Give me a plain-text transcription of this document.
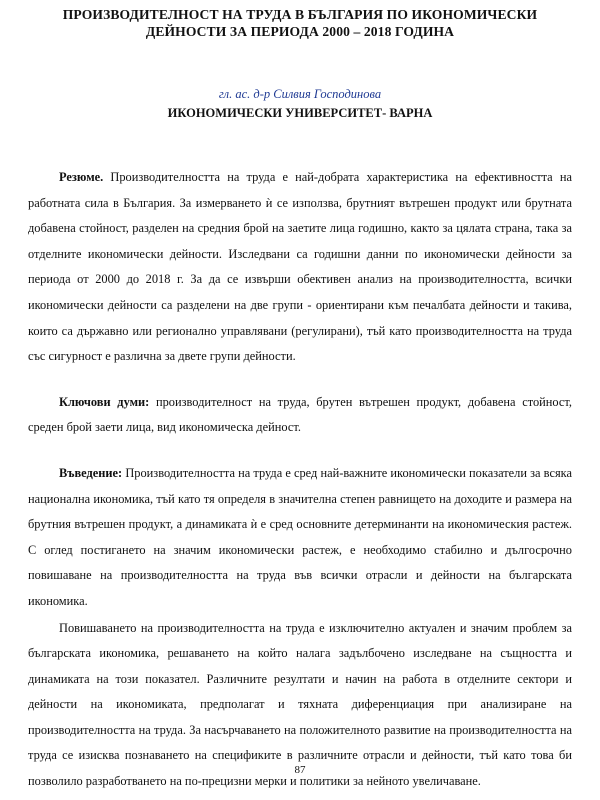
ПРОИЗВОДИТЕЛНОСТ НА ТРУДА В БЪЛГАРИЯ ПО ИКОНОМИЧЕСКИ
ДЕЙНОСТИ ЗА ПЕРИОДА 2000 – 2018 ГОДИНА
гл. ас. д-р Силвия Господинова
ИКОНОМИЧЕСКИ УНИВЕРСИТЕТ- ВАРНА

Резюме. Производителността на труда е най-добрата характеристика на ефективността на работната сила в България. За измерването ѝ се използва, брутният вътрешен продукт или брутната добавена стойност, разделен на средния брой на заетите лица годишно, както за цялата страна, така за отделните икономически дейности. Изследвани са годишни данни по икономически дейности за периода от 2000 до 2018 г. За да се извърши обективен анализ на производителността, всички икономически дейности са разделени на две групи - ориентирани към печалбата дейности и такива, които са държавно или регионално управлявани (регулирани), тъй като производителността на труда със сигурност е различна за двете групи дейности.

Ключови думи: производителност на труда, брутен вътрешен продукт, добавена стойност, среден брой заети лица, вид икономическа дейност.

Въведение: Производителността на труда е сред най-важните икономически показатели за всяка национална икономика, тъй като тя определя в значителна степен равнището на доходите и размера на брутния вътрешен продукт, а динамиката ѝ е сред основните детерминанти на икономическия растеж. С оглед постигането на значим икономически растеж, е необходимо стабилно и дългосрочно повишаване на производителността на труда във всички отрасли и дейности на българската икономика.

Повишаването на производителността на труда е изключително актуален и значим проблем за българската икономика, решаването на който налага задълбочено изследване на същността и динамиката на този показател. Различните резултати и начин на работа в отделните сектори и дейности на икономиката, предполагат и тяхната диференциация при анализиране на производителността на труда. За насърчаването на положителното развитие на производителността на труда се изисква познаването на спецификите в различните отрасли и дейности, тъй като това би позволило разработването на по-прецизни мерки и политики за нейното увеличаване.

87
